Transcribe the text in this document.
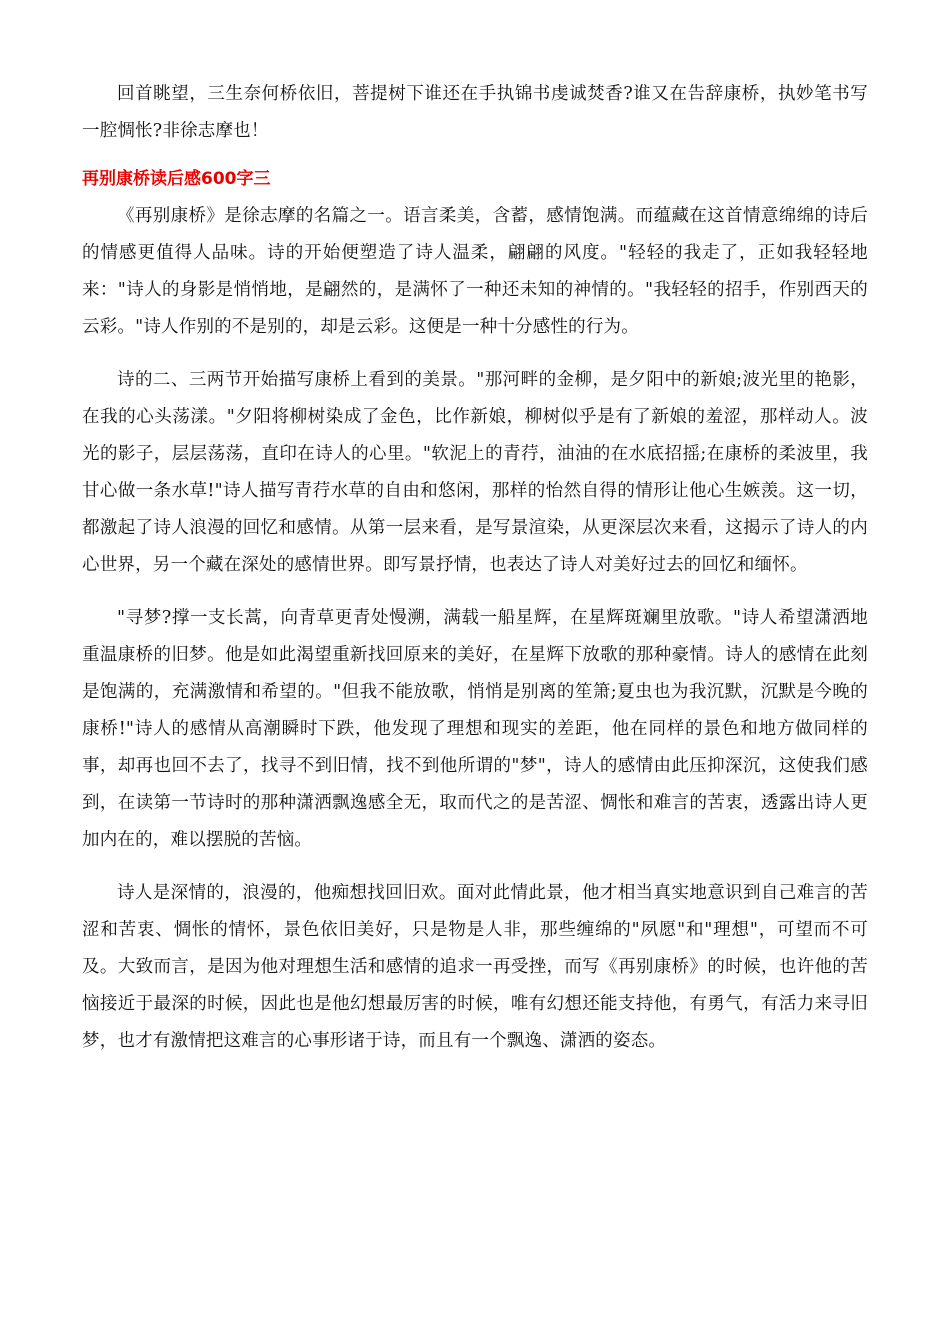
回首眺望，三生奈何桥依旧，菩提树下谁还在手执锦书虔诚焚香?谁又在告辞康桥，执妙笔书写一腔惆怅?非徐志摩也！

再别康桥读后感600字三

《再别康桥》是徐志摩的名篇之一。语言柔美，含蓄，感情饱满。而蕴藏在这首情意绵绵的诗后的情感更值得人品味。诗的开始便塑造了诗人温柔，翩翩的风度。"轻轻的我走了，正如我轻轻地来："诗人的身影是悄悄地，是翩然的，是满怀了一种还未知的神情的。"我轻轻的招手，作别西天的云彩。"诗人作别的不是别的，却是云彩。这便是一种十分感性的行为。

诗的二、三两节开始描写康桥上看到的美景。"那河畔的金柳，是夕阳中的新娘;波光里的艳影，在我的心头荡漾。"夕阳将柳树染成了金色，比作新娘，柳树似乎是有了新娘的羞涩，那样动人。波光的影子，层层荡荡，直印在诗人的心里。"软泥上的青荇，油油的在水底招摇;在康桥的柔波里，我甘心做一条水草!"诗人描写青荇水草的自由和悠闲，那样的怡然自得的情形让他心生嫉羡。这一切，都激起了诗人浪漫的回忆和感情。从第一层来看，是写景渲染，从更深层次来看，这揭示了诗人的内心世界，另一个藏在深处的感情世界。即写景抒情，也表达了诗人对美好过去的回忆和缅怀。

"寻梦?撑一支长蒿，向青草更青处慢溯，满载一船星辉，在星辉斑斓里放歌。"诗人希望潇洒地重温康桥的旧梦。他是如此渴望重新找回原来的美好，在星辉下放歌的那种豪情。诗人的感情在此刻是饱满的，充满激情和希望的。"但我不能放歌，悄悄是别离的笙箫;夏虫也为我沉默，沉默是今晚的康桥!"诗人的感情从高潮瞬时下跌，他发现了理想和现实的差距，他在同样的景色和地方做同样的事，却再也回不去了，找寻不到旧情，找不到他所谓的"梦"，诗人的感情由此压抑深沉，这使我们感到，在读第一节诗时的那种潇洒飘逸感全无，取而代之的是苦涩、惆怅和难言的苦衷，透露出诗人更加内在的，难以摆脱的苦恼。

诗人是深情的，浪漫的，他痴想找回旧欢。面对此情此景，他才相当真实地意识到自己难言的苦涩和苦衷、惆怅的情怀，景色依旧美好，只是物是人非，那些缠绵的"夙愿"和"理想"，可望而不可及。大致而言，是因为他对理想生活和感情的追求一再受挫，而写《再别康桥》的时候，也许他的苦恼接近于最深的时候，因此也是他幻想最厉害的时候，唯有幻想还能支持他，有勇气，有活力来寻旧梦，也才有激情把这难言的心事形诸于诗，而且有一个飘逸、潇洒的姿态。
